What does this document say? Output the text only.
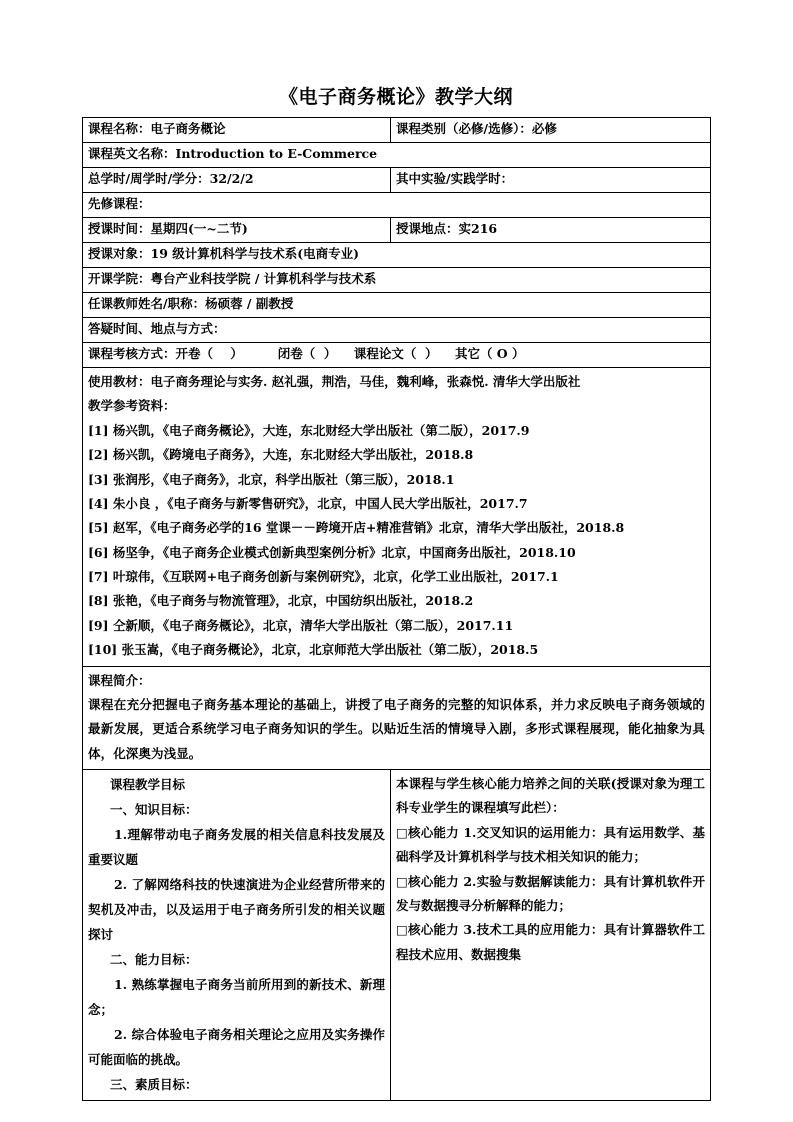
《电子商务概论》教学大纲
课程名称：电子商务概论	课程类别（必修/选修）：必修

课程英文名称：Introduction to E-Commerce	

总学时/周学时/学分：32/2/2	其中实验/实践学时：

先修课程：	

授课时间：星期四(一~二节)	授课地点：实216

授课对象：19 级计算机科学与技术系(电商专业)	

开课学院：粤台产业科技学院 / 计算机科学与技术系	

任课教师姓名/职称：杨硕蓉 / 副教授	

答疑时间、地点与方式：	

课程考核方式：开卷（    ）        闭卷（  ）    课程论文（  ）    其它（ O ）	

使用教材：电子商务理论与实务. 赵礼强，荆浩，马佳，魏利峰，张森悦. 清华大学出版社
教学参考资料：
[1] 杨兴凯，《电子商务概论》，大连，东北财经大学出版社（第二版），2017.9
[2] 杨兴凯，《跨境电子商务》，大连，东北财经大学出版社，2018.8
[3] 张润彤，《电子商务》，北京，科学出版社（第三版），2018.1
[4] 朱小良 ，《电子商务与新零售研究》，北京，中国人民大学出版社，2017.7
[5] 赵军，《电子商务必学的16 堂课－－跨境开店+精准营销》北京，清华大学出版社，2018.8
[6] 杨坚争，《电子商务企业模式创新典型案例分析》北京，中国商务出版社，2018.10
[7] 叶琼伟，《互联网+电子商务创新与案例研究》，北京，化学工业出版社，2017.1
[8] 张艳，《电子商务与物流管理》，北京，中国纺织出版社，2018.2
[9] 仝新顺，《电子商务概论》，北京，清华大学出版社（第二版），2017.11
[10] 张玉嵩，《电子商务概论》，北京，北京师范大学出版社（第二版），2018.5

课程简介：
课程在充分把握电子商务基本理论的基础上，讲授了电子商务的完整的知识体系，并力求反映电子商务领域的最新发展，更适合系统学习电子商务知识的学生。以贴近生活的情境导入剧，多形式课程展现，能化抽象为具体，化深奥为浅显。	

课程教学目标
一、知识目标：
1.理解带动电子商务发展的相关信息科技发展及重要议题
2. 了解网络科技的快速演进为企业经营所带来的契机及冲击，以及运用于电子商务所引发的相关议题探讨
二、能力目标：
1. 熟练掌握电子商务当前所用到的新技术、新理念；
2. 综合体验电子商务相关理论之应用及实务操作可能面临的挑战。
三、素质目标：

本课程与学生核心能力培养之间的关联(授课对象为理工科专业学生的课程填写此栏）：
□核心能力 1.交叉知识的运用能力：具有运用数学、基础科学及计算机科学与技术相关知识的能力；
□核心能力 2.实验与数据解读能力：具有计算机软件开发与数据搜寻分析解释的能力；
□核心能力 3.技术工具的应用能力：具有计算器软件工程技术应用、数据搜集
